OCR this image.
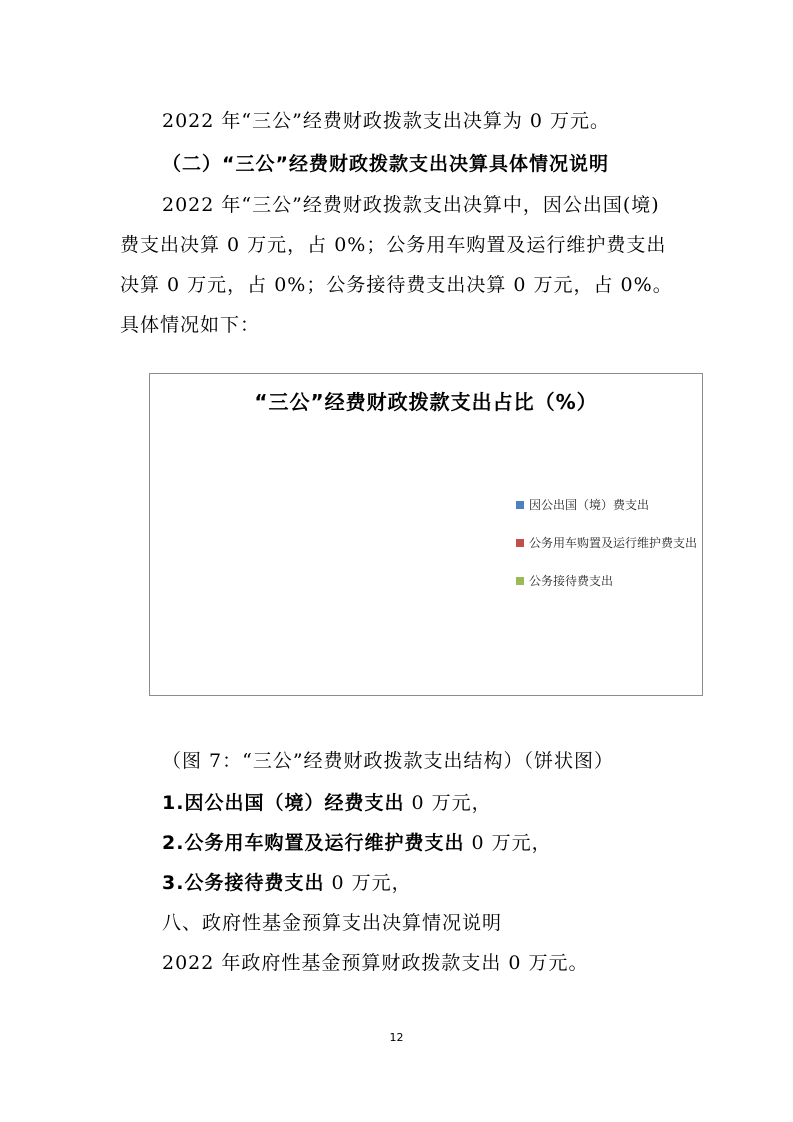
2022 年“三公”经费财政拨款支出决算为 0 万元。
（二）“三公”经费财政拨款支出决算具体情况说明
2022 年“三公”经费财政拨款支出决算中，因公出国(境)
费支出决算 0 万元，占 0%；公务用车购置及运行维护费支出
决算 0 万元，占 0%；公务接待费支出决算 0 万元，占 0%。
具体情况如下：
“三公”经费财政拨款支出占比（%）
因公出国（境）费支出
公务用车购置及运行维护费支出
公务接待费支出
（图 7：“三公”经费财政拨款支出结构）（饼状图）
1.因公出国（境）经费支出 0 万元，
2.公务用车购置及运行维护费支出 0 万元，
3.公务接待费支出 0 万元，
八、政府性基金预算支出决算情况说明
2022 年政府性基金预算财政拨款支出 0 万元。
12
